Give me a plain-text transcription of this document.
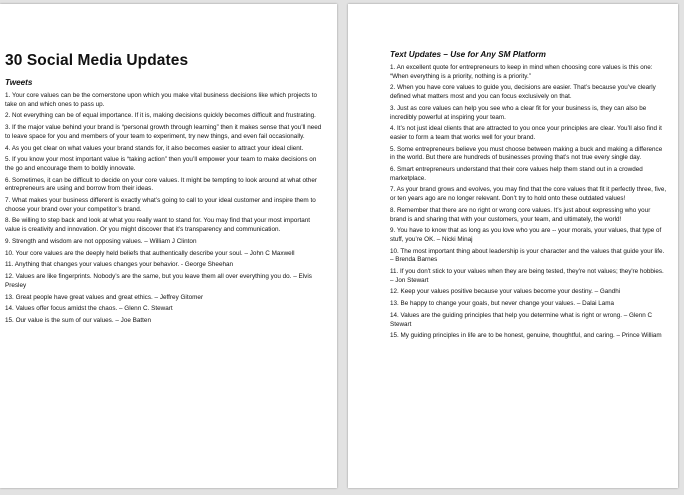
30 Social Media Updates
Tweets
1. Your core values can be the cornerstone upon which you make vital business decisions like which projects to take on and which ones to pass up.
2. Not everything can be of equal importance. If it is, making decisions quickly becomes difficult and frustrating.
3. If the major value behind your brand is “personal growth through learning” then it makes sense that you’ll need to leave space for you and members of your team to experiment, try new things, and even fail occasionally.
4. As you get clear on what values your brand stands for, it also becomes easier to attract your ideal client.
5. If you know your most important value is “taking action” then you’ll empower your team to make decisions on the go and encourage them to boldly innovate.
6. Sometimes, it can be difficult to decide on your core values. It might be tempting to look around at what other entrepreneurs are using and borrow from their ideas.
7. What makes your business different is exactly what’s going to call to your ideal customer and inspire them to choose your brand over your competitor’s brand.
8. Be willing to step back and look at what you really want to stand for. You may find that your most important value is creativity and innovation. Or you might discover that it’s transparency and communication.
9. Strength and wisdom are not opposing values. – William J Clinton
10. Your core values are the deeply held beliefs that authentically describe your soul. – John C Maxwell
11. Anything that changes your values changes your behavior. - George Sheehan
12. Values are like fingerprints. Nobody’s are the same, but you leave them all over everything you do. – Elvis Presley
13. Great people have great values and great ethics. – Jeffrey Gitomer
14. Values offer focus amidst the chaos. – Glenn C. Stewart
15. Our value is the sum of our values. – Joe Batten
Text Updates – Use for Any SM Platform
1. An excellent quote for entrepreneurs to keep in mind when choosing core values is this one: “When everything is a priority, nothing is a priority.”
2. When you have core values to guide you, decisions are easier. That’s because you’ve clearly defined what matters most and you can focus exclusively on that.
3. Just as core values can help you see who a clear fit for your business is, they can also be incredibly powerful at inspiring your team.
4. It’s not just ideal clients that are attracted to you once your principles are clear. You’ll also find it easier to form a team that works well for your brand.
5. Some entrepreneurs believe you must choose between making a buck and making a difference in the world. But there are hundreds of businesses proving that’s not true every single day.
6. Smart entrepreneurs understand that their core values help them stand out in a crowded marketplace.
7. As your brand grows and evolves, you may find that the core values that fit it perfectly three, five, or ten years ago are no longer relevant. Don’t try to hold onto these outdated values!
8. Remember that there are no right or wrong core values. It’s just about expressing who your brand is and sharing that with your customers, your team, and ultimately, the world!
9. You have to know that as long as you love who you are -- your morals, your values, that type of stuff, you’re OK. – Nicki Minaj
10. The most important thing about leadership is your character and the values that guide your life. – Brenda Barnes
11. If you don't stick to your values when they are being tested, they're not values; they're hobbies. – Jon Stewart
12. Keep your values positive because your values become your destiny. – Gandhi
13. Be happy to change your goals, but never change your values. – Dalai Lama
14. Values are the guiding principles that help you determine what is right or wrong. – Glenn C Stewart
15. My guiding principles in life are to be honest, genuine, thoughtful, and caring. – Prince William
